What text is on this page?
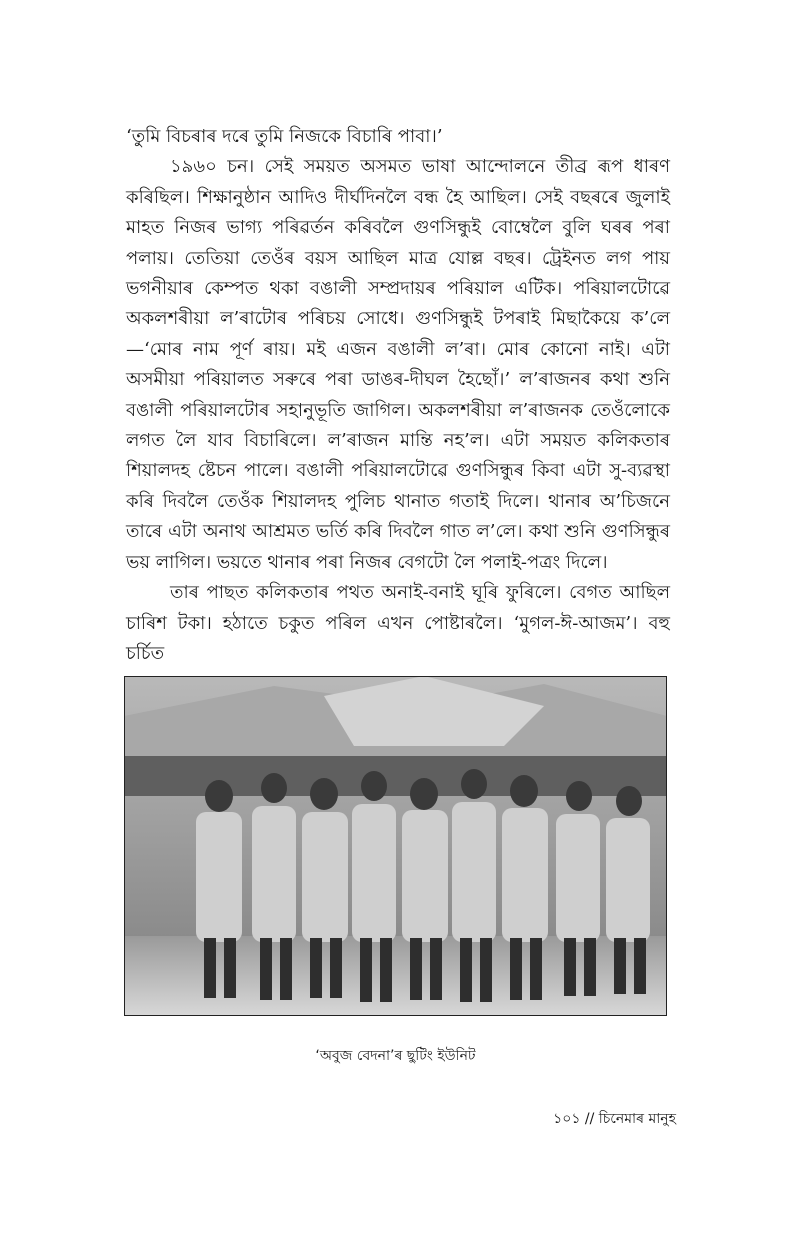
‘তুমি বিচৰাৰ দৰে তুমি নিজকে বিচাৰি পাবা।’

১৯৬০ চন। সেই সময়ত অসমত ভাষা আন্দোলনে তীব্ৰ ৰূপ ধাৰণ কৰিছিল। শিক্ষানুষ্ঠান আদিও দীৰ্ঘদিনলৈ বন্ধ হৈ আছিল। সেই বছৰৰে জুলাই মাহত নিজৰ ভাগ্য পৰিৱৰ্তন কৰিবলৈ গুণসিন্ধুই বোম্বেলৈ বুলি ঘৰৰ পৰা পলায়। তেতিয়া তেওঁৰ বয়স আছিল মাত্ৰ যোল্ল বছৰ। ট্ৰেইনত লগ পায় ভগনীয়াৰ কেম্পত থকা বঙালী সম্প্ৰদায়ৰ পৰিয়াল এটিক। পৰিয়ালটোৱে অকলশৰীয়া ল’ৰাটোৰ পৰিচয় সোধে। গুণসিন্ধুই টপৰাই মিছাকৈয়ে ক’লে—‘মোৰ নাম পূৰ্ণ ৰায়। মই এজন বঙালী ল’ৰা। মোৰ কোনো নাই। এটা অসমীয়া পৰিয়ালত সৰুৰে পৰা ডাঙৰ-দীঘল হৈছোঁ।’ ল’ৰাজনৰ কথা শুনি বঙালী পৰিয়ালটোৰ সহানুভূতি জাগিল। অকলশৰীয়া ল’ৰাজনক তেওঁলোকে লগত লৈ যাব বিচাৰিলে। ল’ৰাজন মান্তি নহ’ল। এটা সময়ত কলিকতাৰ শিয়ালদহ ষ্টেচন পালে। বঙালী পৰিয়ালটোৱে গুণসিন্ধুৰ কিবা এটা সু-ব্যৱস্থা কৰি দিবলৈ তেওঁক শিয়ালদহ পুলিচ থানাত গতাই দিলে। থানাৰ অ’চিজনে তাৰে এটা অনাথ আশ্ৰমত ভৰ্তি কৰি দিবলৈ গাত ল’লে। কথা শুনি গুণসিন্ধুৰ ভয় লাগিল। ভয়তে থানাৰ পৰা নিজৰ বেগটো লৈ পলাই-পত্ৰং দিলে।

তাৰ পাছত কলিকতাৰ পথত অনাই-বনাই ঘূৰি ফুৰিলে। বেগত আছিল চাৰিশ টকা। হঠাতে চকুত পৰিল এখন পোষ্টাৰলৈ। ‘মুগল-ঈ-আজম’। বহু চৰ্চিত

‘অবুজ বেদনা’ৰ ছুটিং ইউনিট
১০১ // চিনেমাৰ মানুহ
